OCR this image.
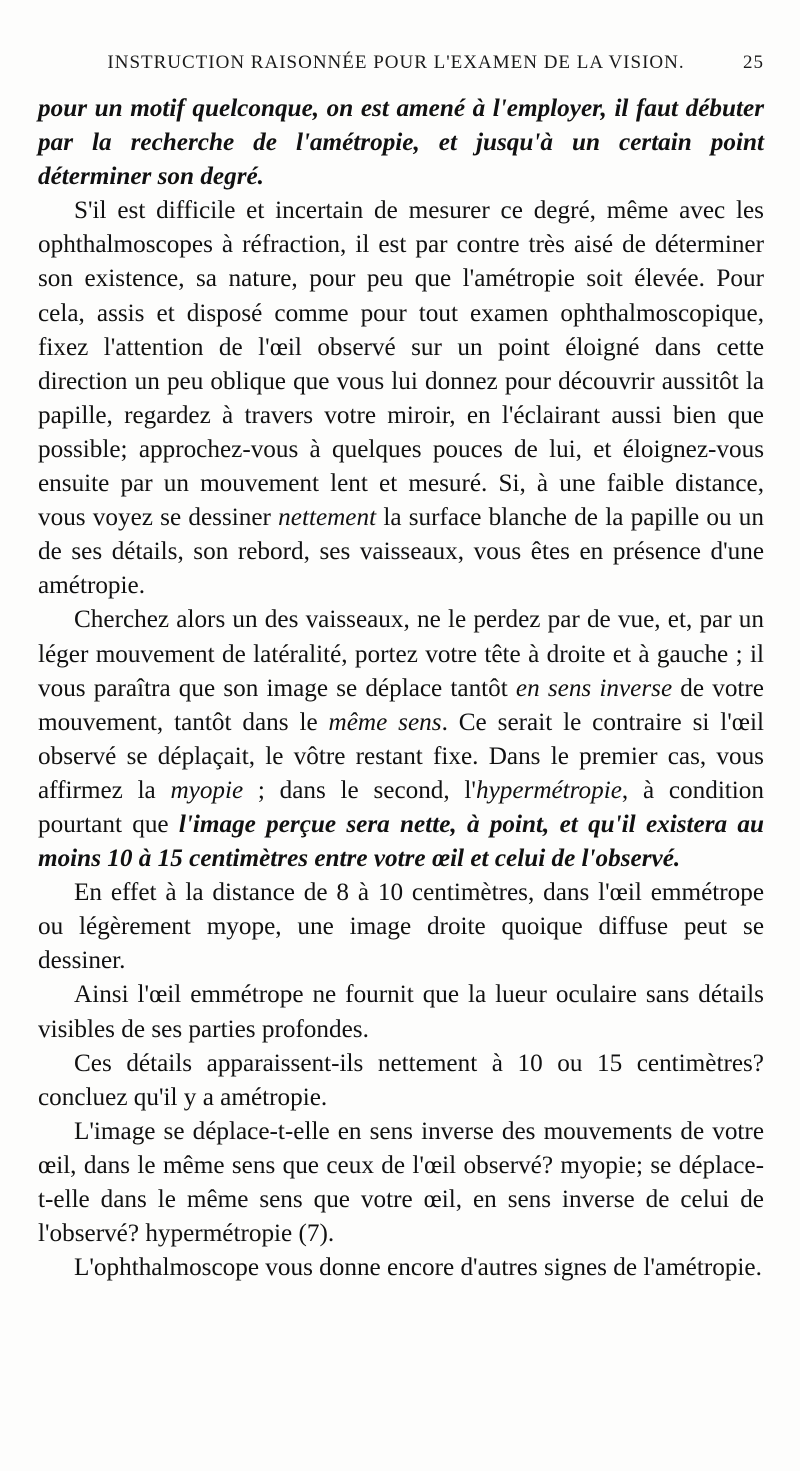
INSTRUCTION RAISONNÉE POUR L'EXAMEN DE LA VISION.	25

pour un motif quelconque, on est amené à l'employer, il faut débuter par la recherche de l'amétropie, et jusqu'à un certain point déterminer son degré.

S'il est difficile et incertain de mesurer ce degré, même avec les ophthalmoscopes à réfraction, il est par contre très aisé de déterminer son existence, sa nature, pour peu que l'amétropie soit élevée. Pour cela, assis et disposé comme pour tout examen ophthalmoscopique, fixez l'attention de l'œil observé sur un point éloigné dans cette direction un peu oblique que vous lui donnez pour découvrir aussitôt la papille, regardez à travers votre miroir, en l'éclairant aussi bien que possible; approchez-vous à quelques pouces de lui, et éloignez-vous ensuite par un mouvement lent et mesuré. Si, à une faible distance, vous voyez se dessiner nettement la surface blanche de la papille ou un de ses détails, son rebord, ses vaisseaux, vous êtes en présence d'une amétropie.

Cherchez alors un des vaisseaux, ne le perdez par de vue, et, par un léger mouvement de latéralité, portez votre tête à droite et à gauche ; il vous paraîtra que son image se déplace tantôt en sens inverse de votre mouvement, tantôt dans le même sens. Ce serait le contraire si l'œil observé se déplaçait, le vôtre restant fixe. Dans le premier cas, vous affirmez la myopie ; dans le second, l'hypermétropie, à condition pourtant que l'image perçue sera nette, à point, et qu'il existera au moins 10 à 15 centimètres entre votre œil et celui de l'observé.

En effet à la distance de 8 à 10 centimètres, dans l'œil emmétrope ou légèrement myope, une image droite quoique diffuse peut se dessiner.

Ainsi l'œil emmétrope ne fournit que la lueur oculaire sans détails visibles de ses parties profondes.

Ces détails apparaissent-ils nettement à 10 ou 15 centimètres? concluez qu'il y a amétropie.

L'image se déplace-t-elle en sens inverse des mouvements de votre œil, dans le même sens que ceux de l'œil observé? myopie; se déplace-t-elle dans le même sens que votre œil, en sens inverse de celui de l'observé? hypermétropie (7).

L'ophthalmoscope vous donne encore d'autres signes de l'amétropie.
